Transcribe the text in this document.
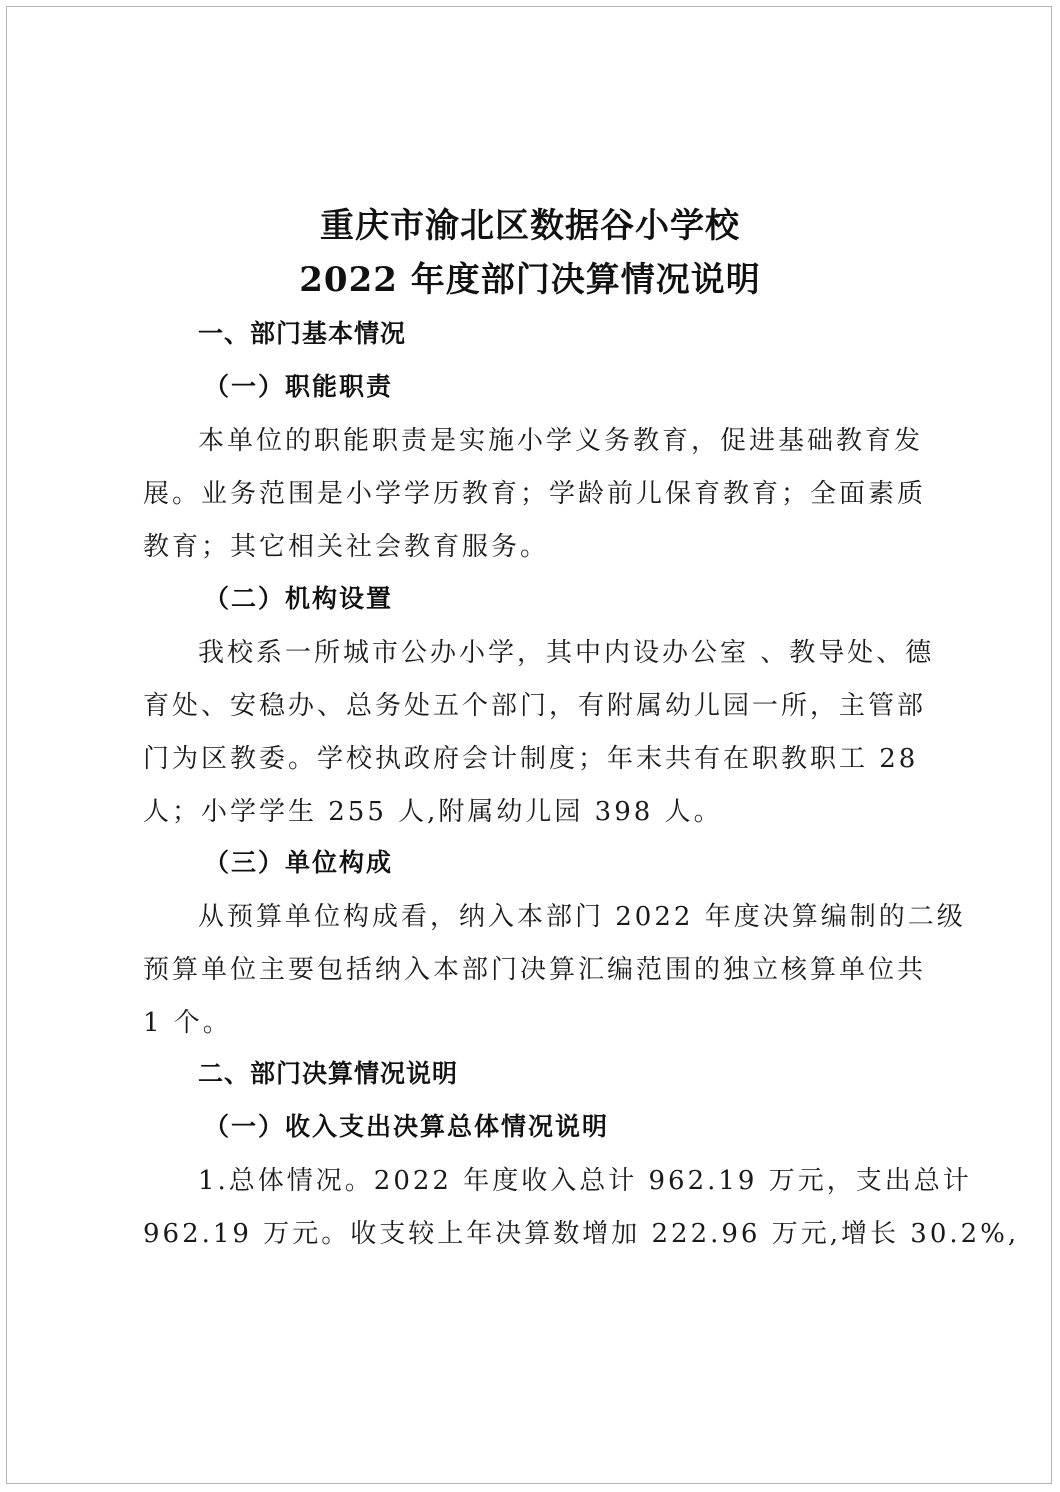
重庆市渝北区数据谷小学校
2022 年度部门决算情况说明
一、部门基本情况
（一）职能职责
本单位的职能职责是实施小学义务教育，促进基础教育发
展。业务范围是小学学历教育；学龄前儿保育教育；全面素质
教育；其它相关社会教育服务。
（二）机构设置
我校系一所城市公办小学，其中内设办公室 、教导处、德
育处、安稳办、总务处五个部门，有附属幼儿园一所，主管部
门为区教委。学校执政府会计制度；年末共有在职教职工 28
人；小学学生 255 人,附属幼儿园 398 人。
（三）单位构成
从预算单位构成看，纳入本部门 2022 年度决算编制的二级
预算单位主要包括纳入本部门决算汇编范围的独立核算单位共
1 个。
二、部门决算情况说明
（一）收入支出决算总体情况说明
1.总体情况。2022 年度收入总计 962.19 万元，支出总计
962.19 万元。收支较上年决算数增加 222.96 万元,增长 30.2%,
